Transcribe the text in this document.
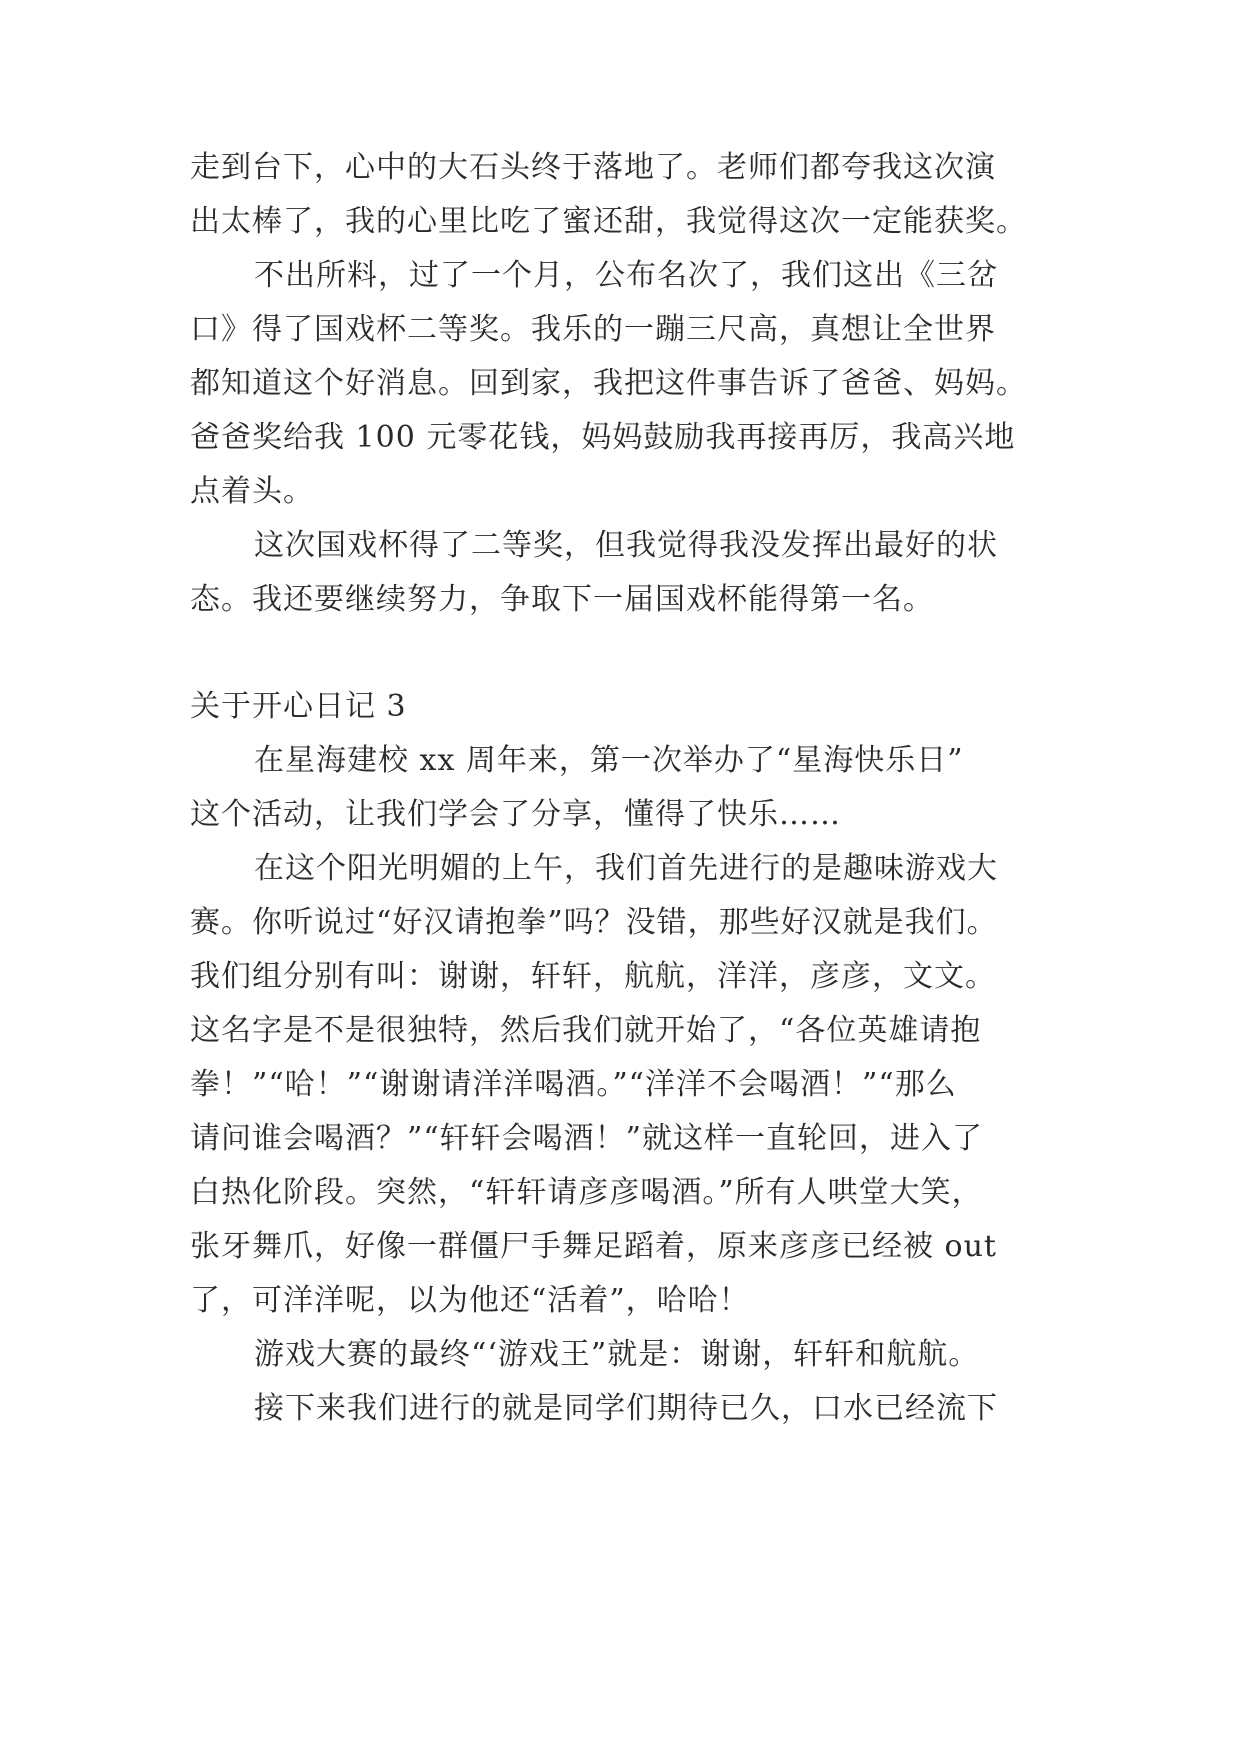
走到台下，心中的大石头终于落地了。老师们都夸我这次演
出太棒了，我的心里比吃了蜜还甜，我觉得这次一定能获奖。
不出所料，过了一个月，公布名次了，我们这出《三岔
口》得了国戏杯二等奖。我乐的一蹦三尺高，真想让全世界
都知道这个好消息。回到家，我把这件事告诉了爸爸、妈妈。
爸爸奖给我 100 元零花钱，妈妈鼓励我再接再厉，我高兴地
点着头。
这次国戏杯得了二等奖，但我觉得我没发挥出最好的状
态。我还要继续努力，争取下一届国戏杯能得第一名。
关于开心日记 3
在星海建校 xx 周年来，第一次举办了“星海快乐日”
这个活动，让我们学会了分享，懂得了快乐……
在这个阳光明媚的上午，我们首先进行的是趣味游戏大
赛。你听说过“好汉请抱拳”吗？没错，那些好汉就是我们。
我们组分别有叫：谢谢，轩轩，航航，洋洋，彦彦，文文。
这名字是不是很独特，然后我们就开始了，“各位英雄请抱
拳！”“哈！”“谢谢请洋洋喝酒。”“洋洋不会喝酒！”“那么
请问谁会喝酒？”“轩轩会喝酒！”就这样一直轮回，进入了
白热化阶段。突然，“轩轩请彦彦喝酒。”所有人哄堂大笑，
张牙舞爪，好像一群僵尸手舞足蹈着，原来彦彦已经被 out
了，可洋洋呢，以为他还“活着”，哈哈！
游戏大赛的最终“‘游戏王”就是：谢谢，轩轩和航航。
接下来我们进行的就是同学们期待已久，口水已经流下
